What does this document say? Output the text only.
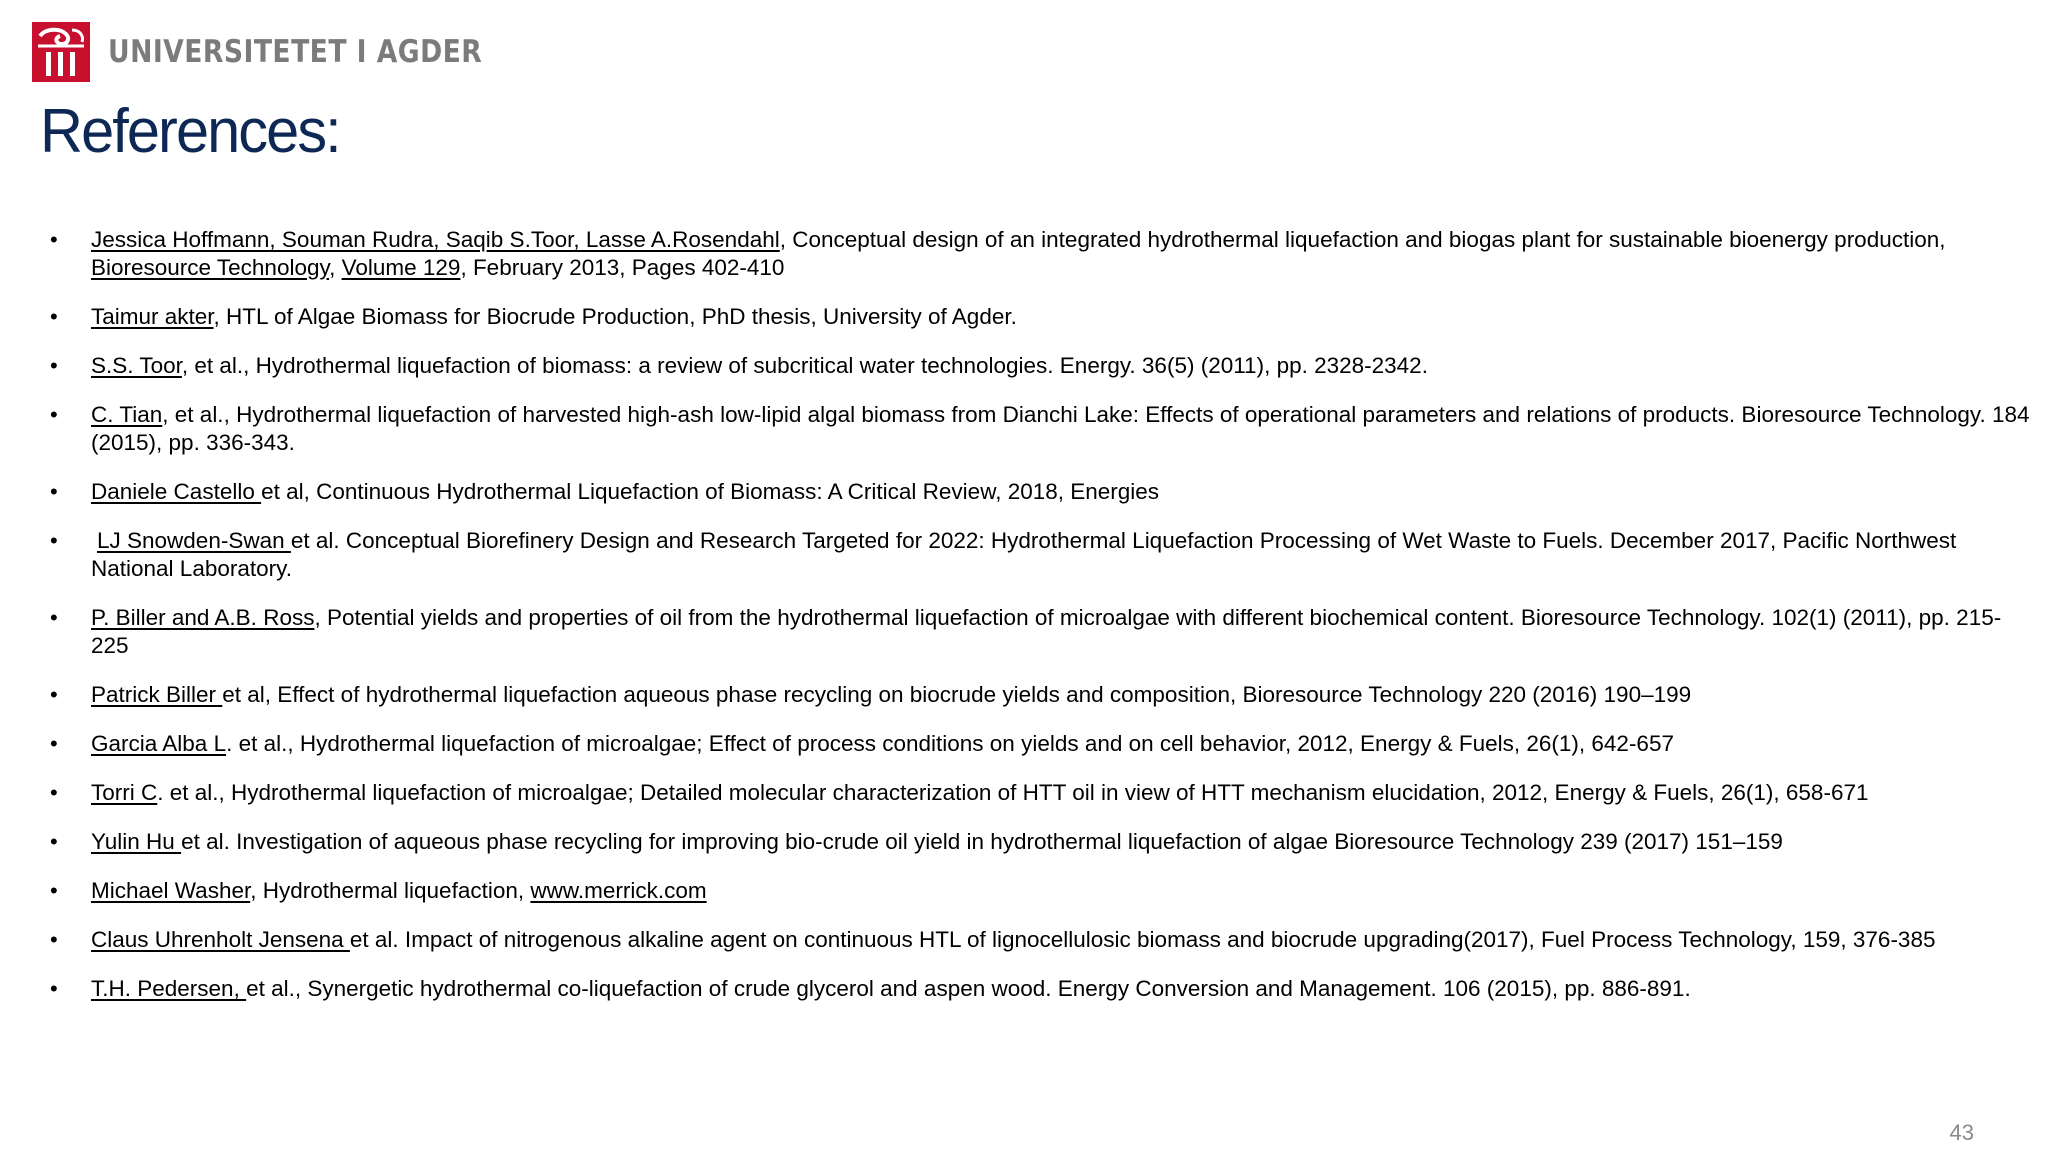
UNIVERSITETET I AGDER
References:
• Jessica Hoffmann, Souman Rudra, Saqib S.Toor, Lasse A.Rosendahl, Conceptual design of an integrated hydrothermal liquefaction and biogas plant for sustainable bioenergy production, Bioresource Technology, Volume 129, February 2013, Pages 402-410
• Taimur akter, HTL of Algae Biomass for Biocrude Production, PhD thesis, University of Agder.
• S.S. Toor, et al., Hydrothermal liquefaction of biomass: a review of subcritical water technologies. Energy. 36(5) (2011), pp. 2328-2342.
• C. Tian, et al., Hydrothermal liquefaction of harvested high-ash low-lipid algal biomass from Dianchi Lake: Effects of operational parameters and relations of products. Bioresource Technology. 184 (2015), pp. 336-343.
• Daniele Castello et al, Continuous Hydrothermal Liquefaction of Biomass: A Critical Review, 2018, Energies
• LJ Snowden-Swan et al. Conceptual Biorefinery Design and Research Targeted for 2022: Hydrothermal Liquefaction Processing of Wet Waste to Fuels. December 2017, Pacific Northwest National Laboratory.
• P. Biller and A.B. Ross, Potential yields and properties of oil from the hydrothermal liquefaction of microalgae with different biochemical content. Bioresource Technology. 102(1) (2011), pp. 215-225
• Patrick Biller et al, Effect of hydrothermal liquefaction aqueous phase recycling on biocrude yields and composition, Bioresource Technology 220 (2016) 190–199
• Garcia Alba L. et al., Hydrothermal liquefaction of microalgae; Effect of process conditions on yields and on cell behavior, 2012, Energy & Fuels, 26(1), 642-657
• Torri C. et al., Hydrothermal liquefaction of microalgae; Detailed molecular characterization of HTT oil in view of HTT mechanism elucidation, 2012, Energy & Fuels, 26(1), 658-671
• Yulin Hu et al. Investigation of aqueous phase recycling for improving bio-crude oil yield in hydrothermal liquefaction of algae Bioresource Technology 239 (2017) 151–159
• Michael Washer, Hydrothermal liquefaction, www.merrick.com
• Claus Uhrenholt Jensena et al. Impact of nitrogenous alkaline agent on continuous HTL of lignocellulosic biomass and biocrude upgrading(2017), Fuel Process Technology, 159, 376-385
• T.H. Pedersen, et al., Synergetic hydrothermal co-liquefaction of crude glycerol and aspen wood. Energy Conversion and Management. 106 (2015), pp. 886-891.
43
